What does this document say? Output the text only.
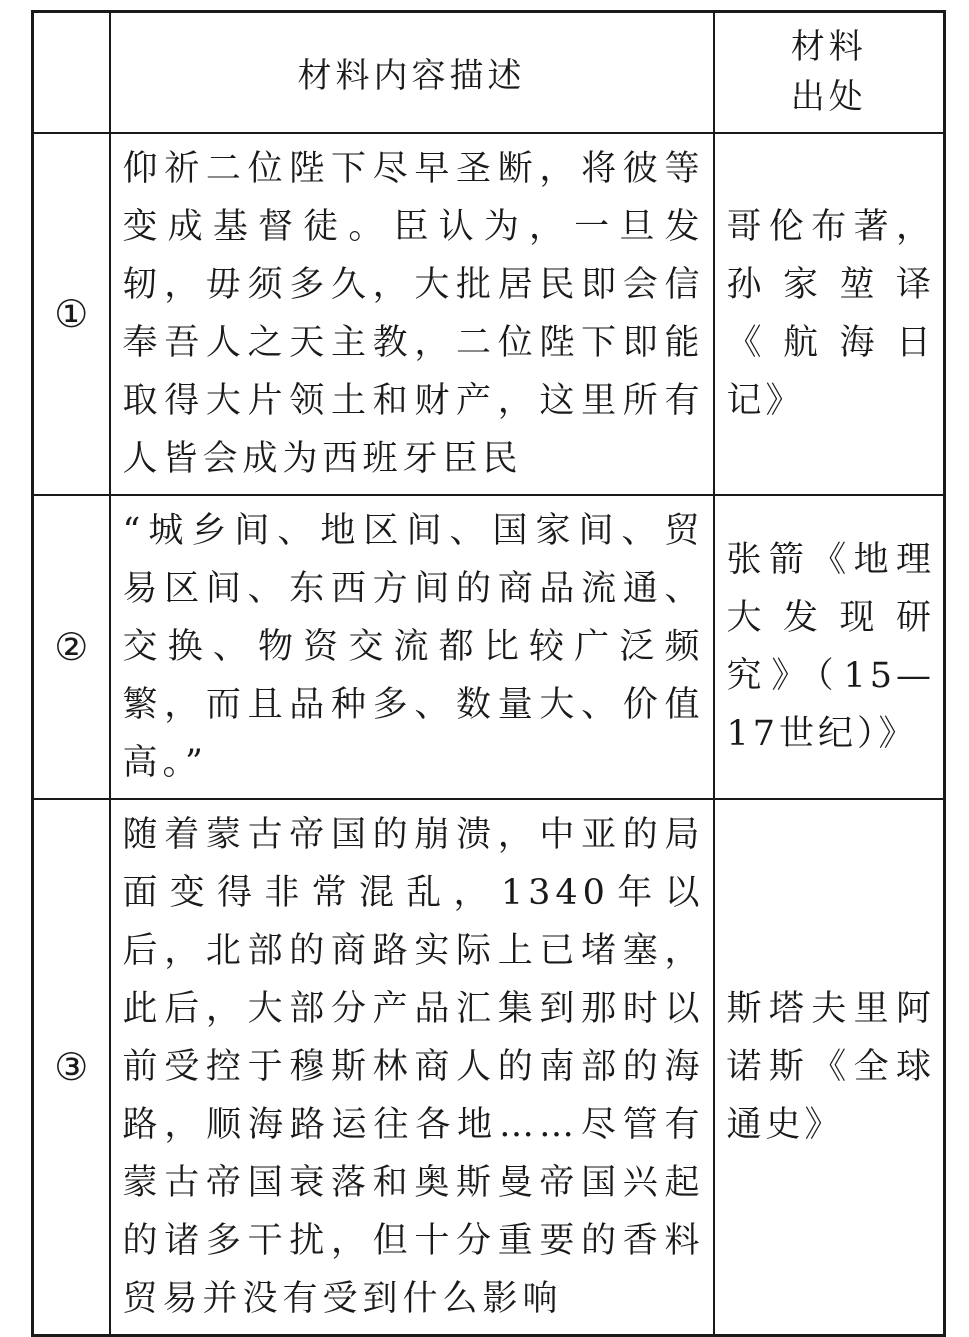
	材料内容描述	材料
出处

①	仰祈二位陛下尽早圣断，将彼等变成基督徒。臣认为，一旦发轫，毋须多久，大批居民即会信奉吾人之天主教，二位陛下即能取得大片领土和财产，这里所有人皆会成为西班牙臣民	哥伦布著，孙家堃译《航海日记》
②	“城乡间、地区间、国家间、贸易区间、东西方间的商品流通、交换、物资交流都比较广泛频繁，而且品种多、数量大、价值高。”	张箭《地理大发现研究》（15—17世纪）》
③	随着蒙古帝国的崩溃，中亚的局面变得非常混乱，1340年以后，北部的商路实际上已堵塞，此后，大部分产品汇集到那时以前受控于穆斯林商人的南部的海路，顺海路运往各地……尽管有蒙古帝国衰落和奥斯曼帝国兴起的诸多干扰，但十分重要的香料贸易并没有受到什么影响	斯塔夫里阿诺斯《全球通史》
